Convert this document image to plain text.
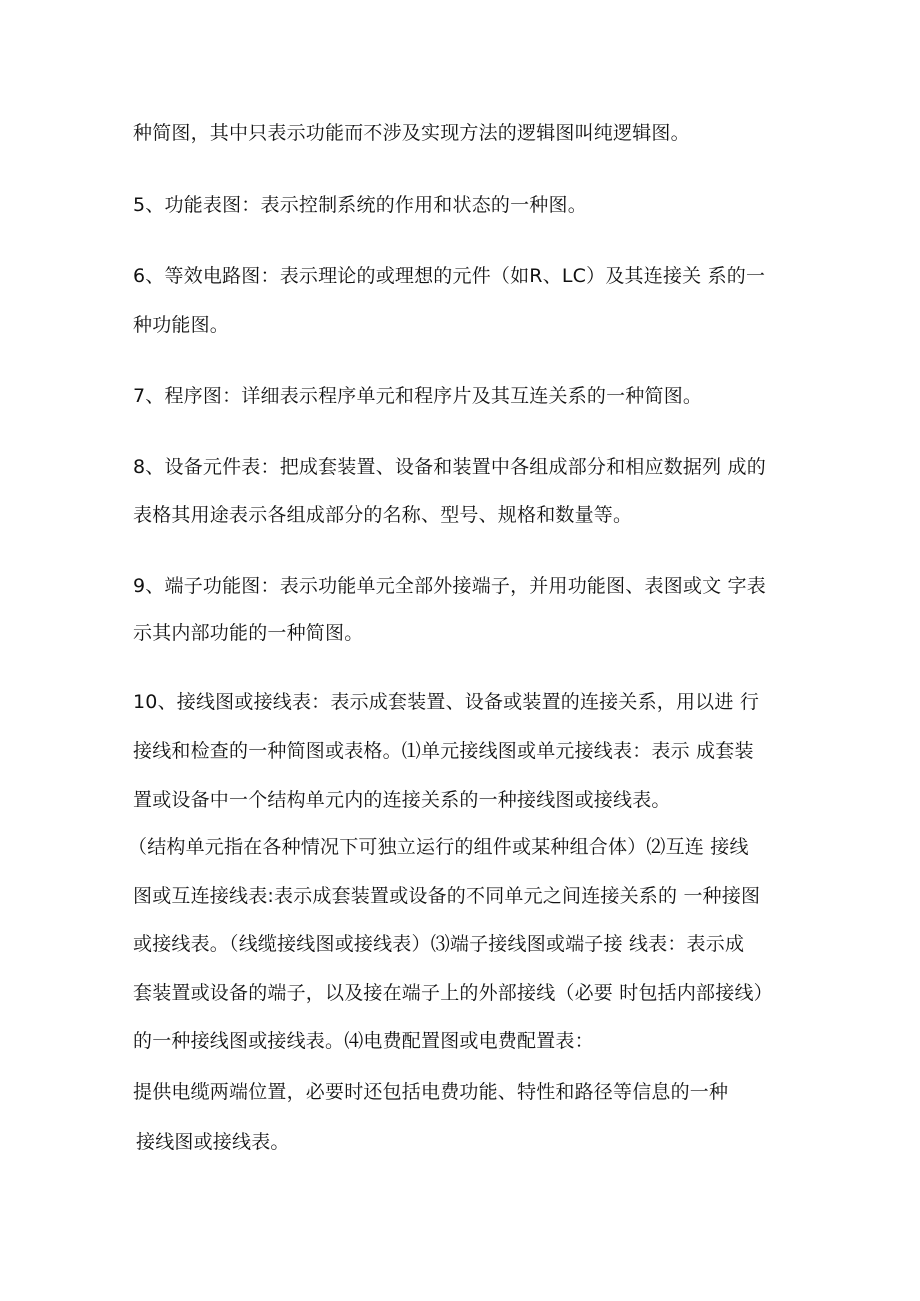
种简图，其中只表示功能而不涉及实现方法的逻辑图叫纯逻辑图。
5、功能表图：表示控制系统的作用和状态的一种图。
6、等效电路图：表示理论的或理想的元件（如R、LC）及其连接关 系的一
种功能图。
7、程序图：详细表示程序单元和程序片及其互连关系的一种简图。
8、设备元件表：把成套装置、设备和装置中各组成部分和相应数据列 成的
表格其用途表示各组成部分的名称、型号、规格和数量等。
9、端子功能图：表示功能单元全部外接端子，并用功能图、表图或文 字表
示其内部功能的一种简图。
10、接线图或接线表：表示成套装置、设备或装置的连接关系，用以进 行
接线和检查的一种简图或表格。⑴单元接线图或单元接线表：表示 成套装
置或设备中一个结构单元内的连接关系的一种接线图或接线表。
（结构单元指在各种情况下可独立运行的组件或某种组合体）⑵互连 接线
图或互连接线表:表示成套装置或设备的不同单元之间连接关系的 一种接图
或接线表。（线缆接线图或接线表）⑶端子接线图或端子接 线表：表示成
套装置或设备的端子，以及接在端子上的外部接线（必要 时包括内部接线）
的一种接线图或接线表。⑷电费配置图或电费配置表：
提供电缆两端位置，必要时还包括电费功能、特性和路径等信息的一种
接线图或接线表。
